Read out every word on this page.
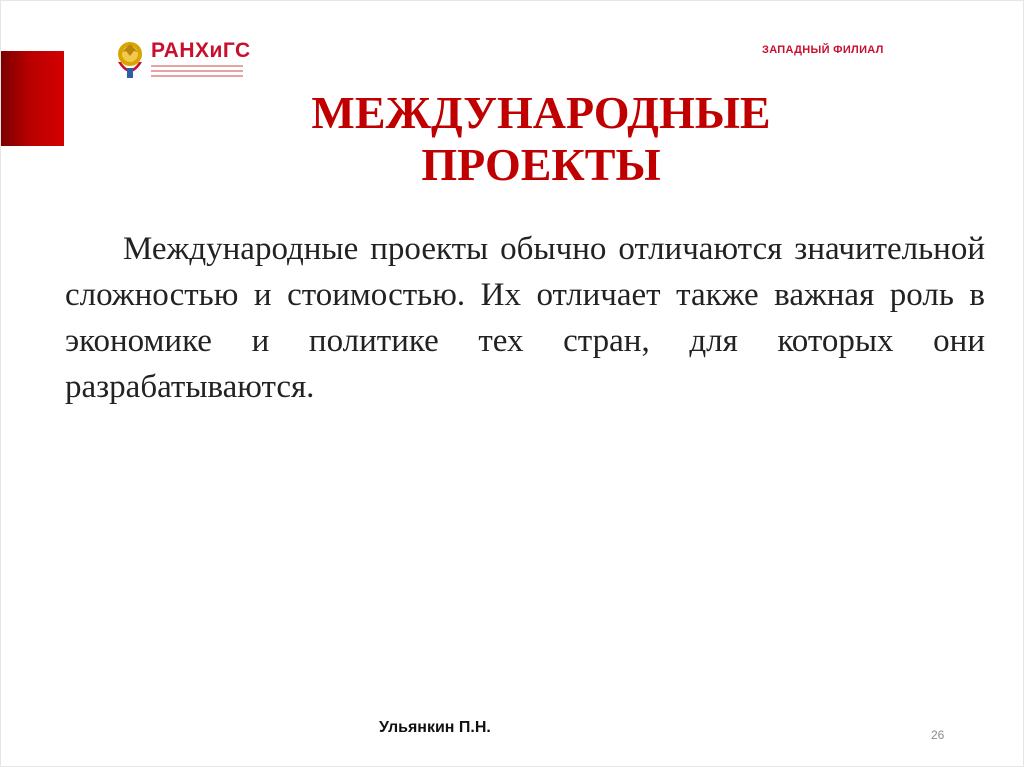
РАНХиГС	ЗАПАДНЫЙ ФИЛИАЛ
МЕЖДУНАРОДНЫЕ ПРОЕКТЫ
Международные проекты обычно отличаются значительной сложностью и стоимостью. Их отличает также важная роль в экономике и политике тех стран, для которых они разрабатываются.
Ульянкин П.Н.	26
